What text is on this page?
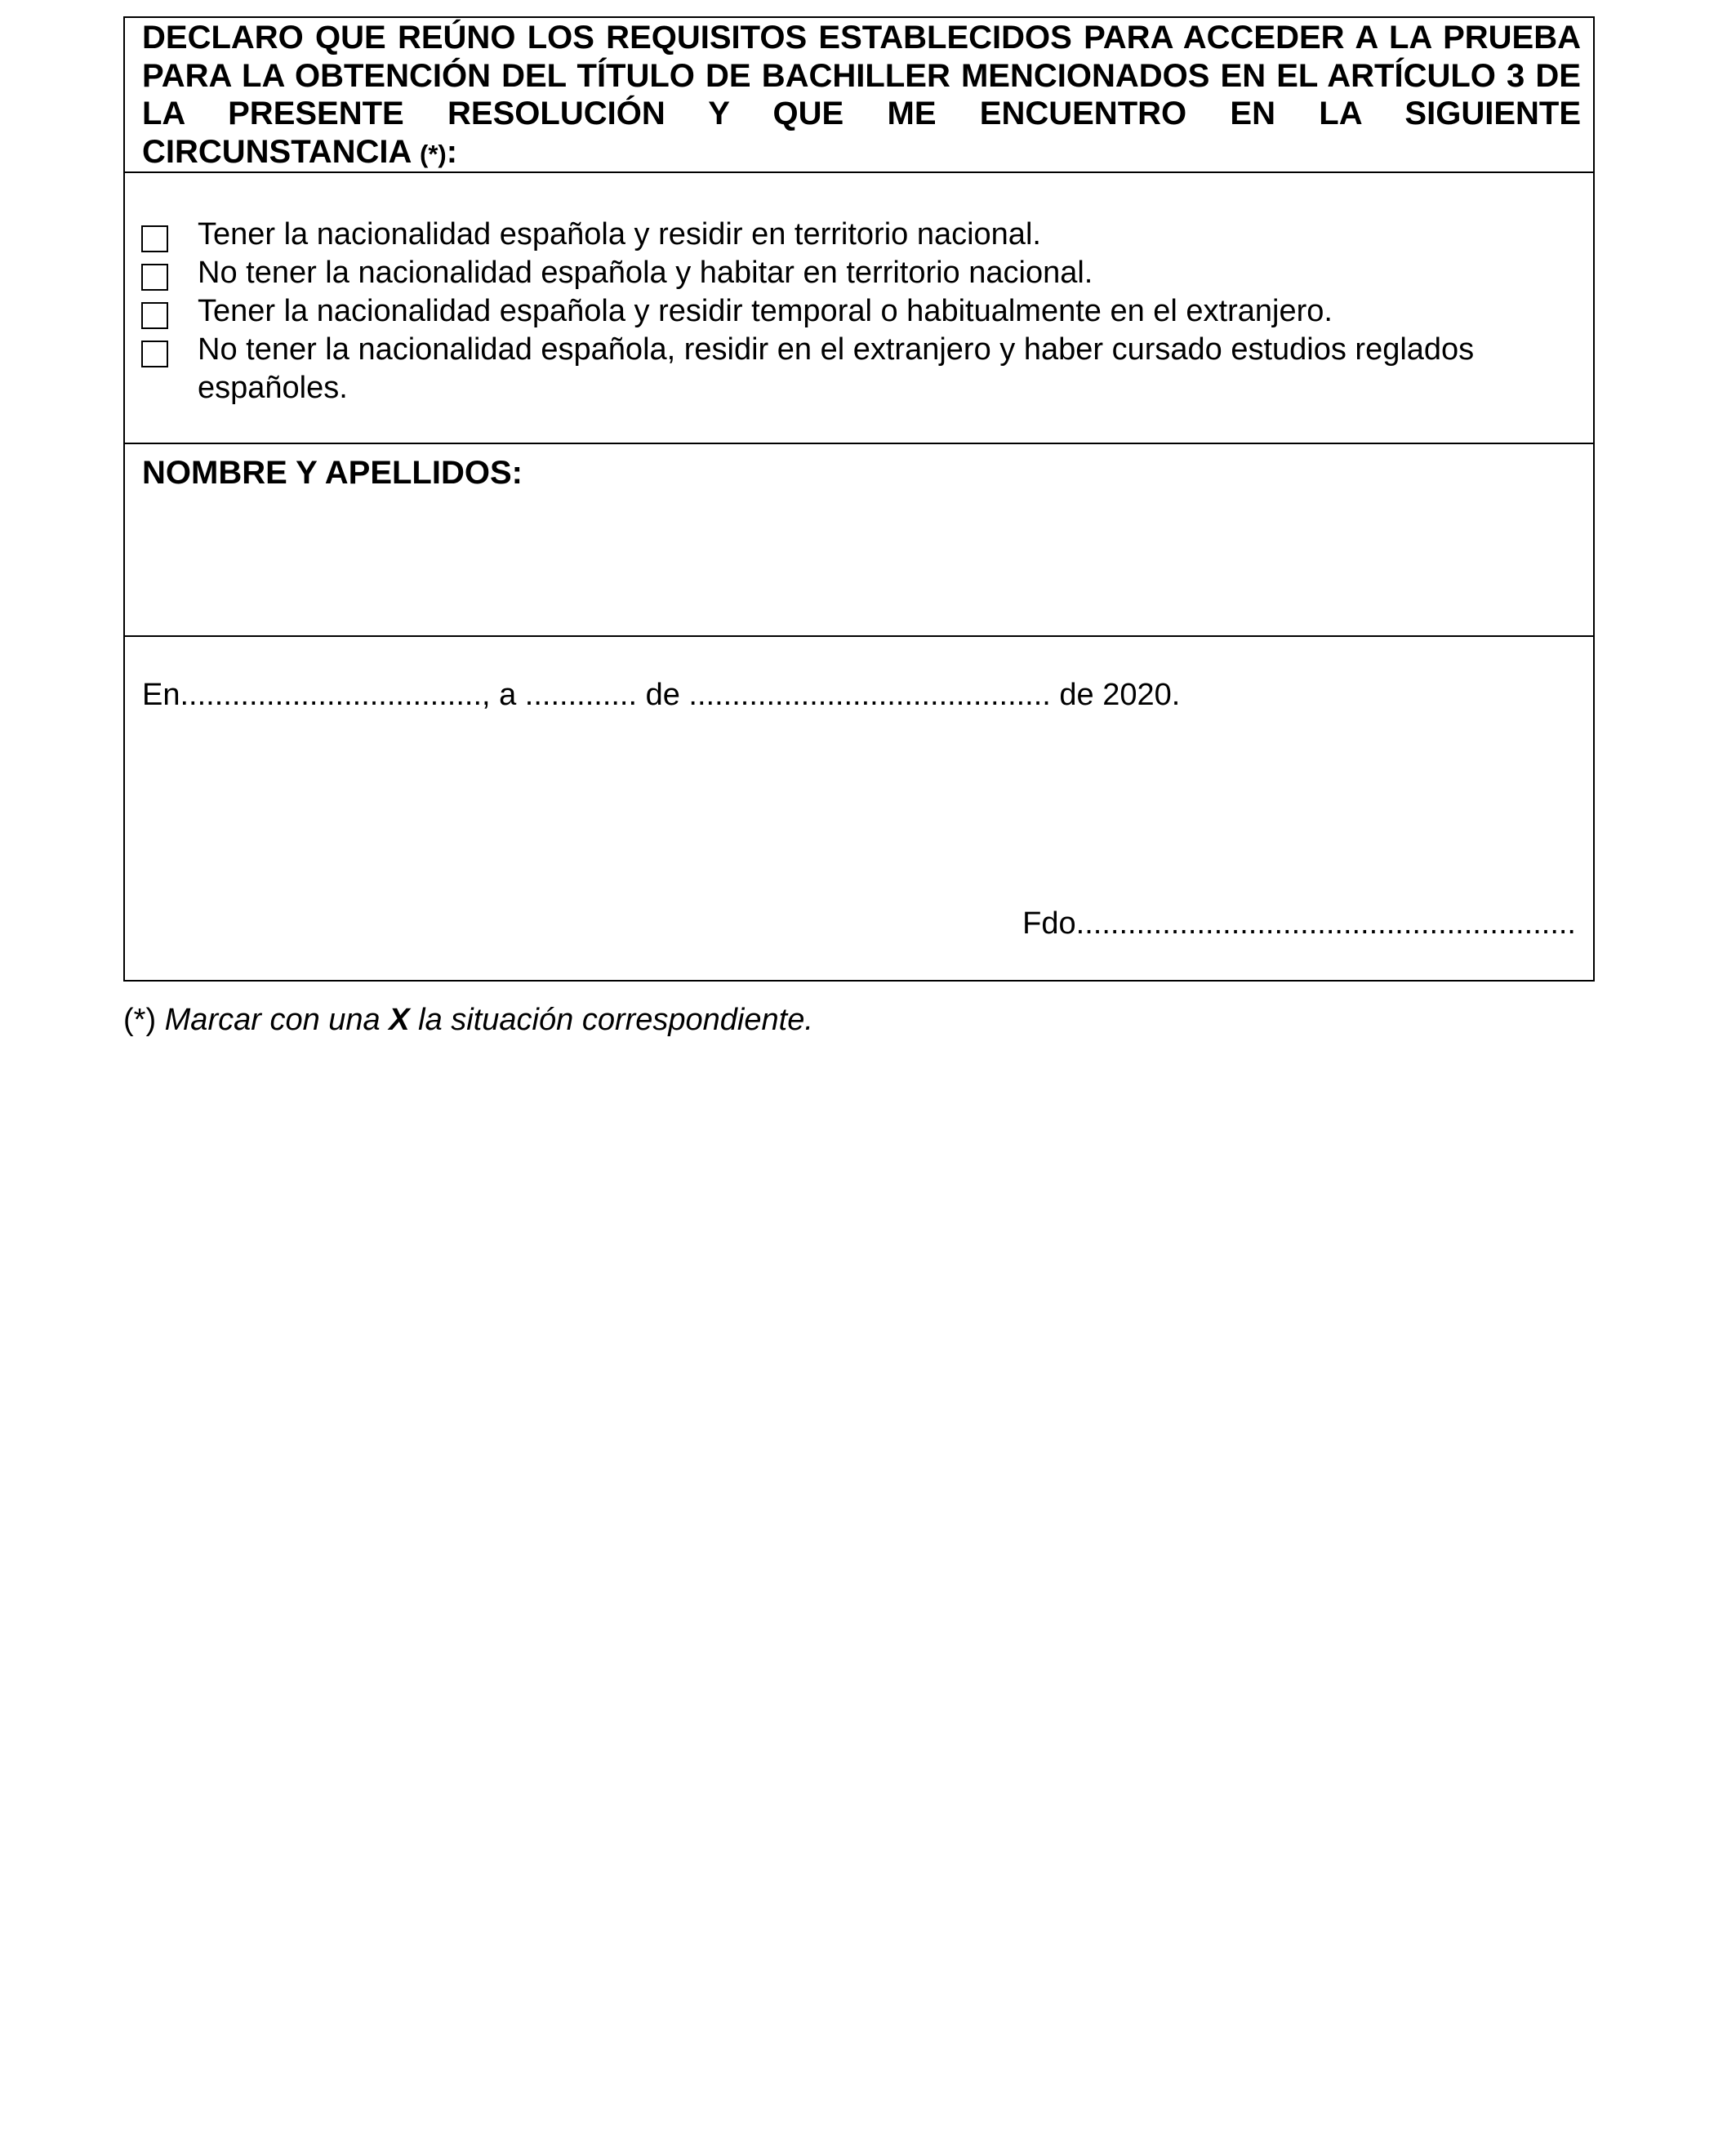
DECLARO QUE REÚNO LOS REQUISITOS ESTABLECIDOS PARA ACCEDER A LA PRUEBA PARA LA OBTENCIÓN DEL TÍTULO DE BACHILLER MENCIONADOS EN EL ARTÍCULO 3 DE LA PRESENTE RESOLUCIÓN Y QUE ME ENCUENTRO EN LA SIGUIENTE
CIRCUNSTANCIA (*):

Tener la nacionalidad española y residir en territorio nacional.
No tener la nacionalidad española y habitar en territorio nacional.
Tener la nacionalidad española y residir temporal o habitualmente en el extranjero.
No tener la nacionalidad española, residir en el extranjero y haber cursado estudios reglados españoles.
NOMBRE Y APELLIDOS:
En..................................., a ............. de .......................................... de 2020.
Fdo..........................................................
(*) Marcar con una X la situación correspondiente.
